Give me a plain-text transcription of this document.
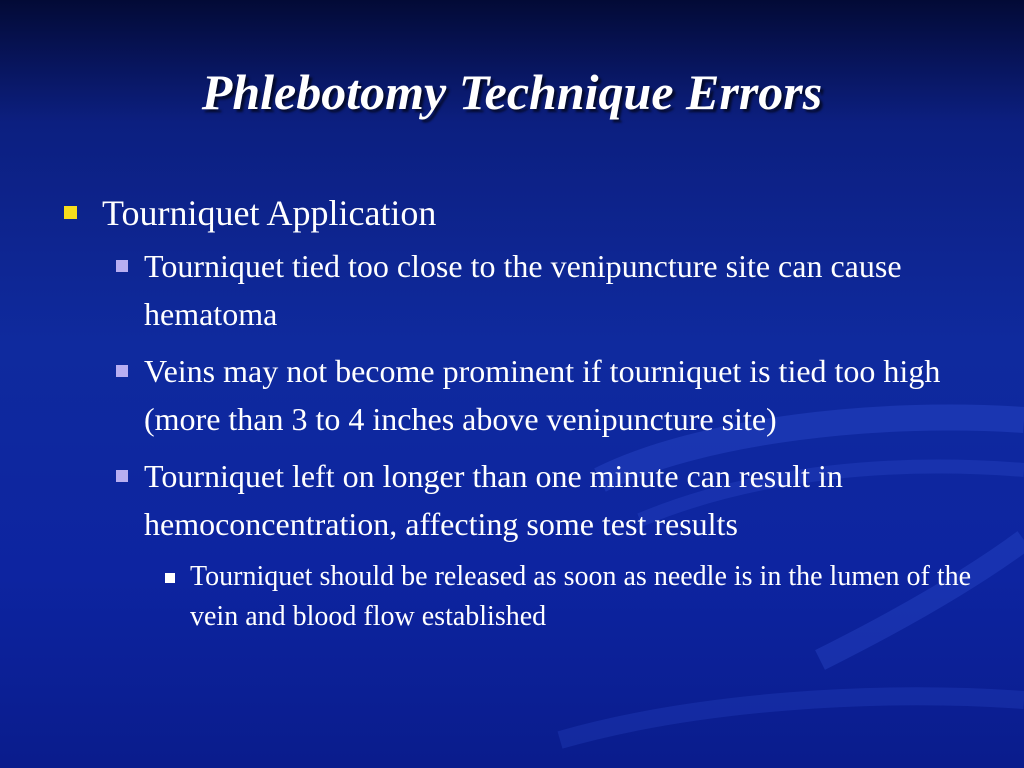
Phlebotomy Technique Errors
Tourniquet Application
Tourniquet tied too close to the venipuncture site can cause hematoma
Veins may not become prominent if tourniquet is tied too high (more than 3 to 4 inches above venipuncture site)
Tourniquet left on longer than one minute can result in hemoconcentration, affecting some test results
Tourniquet should be released as soon as needle is in the lumen of the vein and blood flow established
